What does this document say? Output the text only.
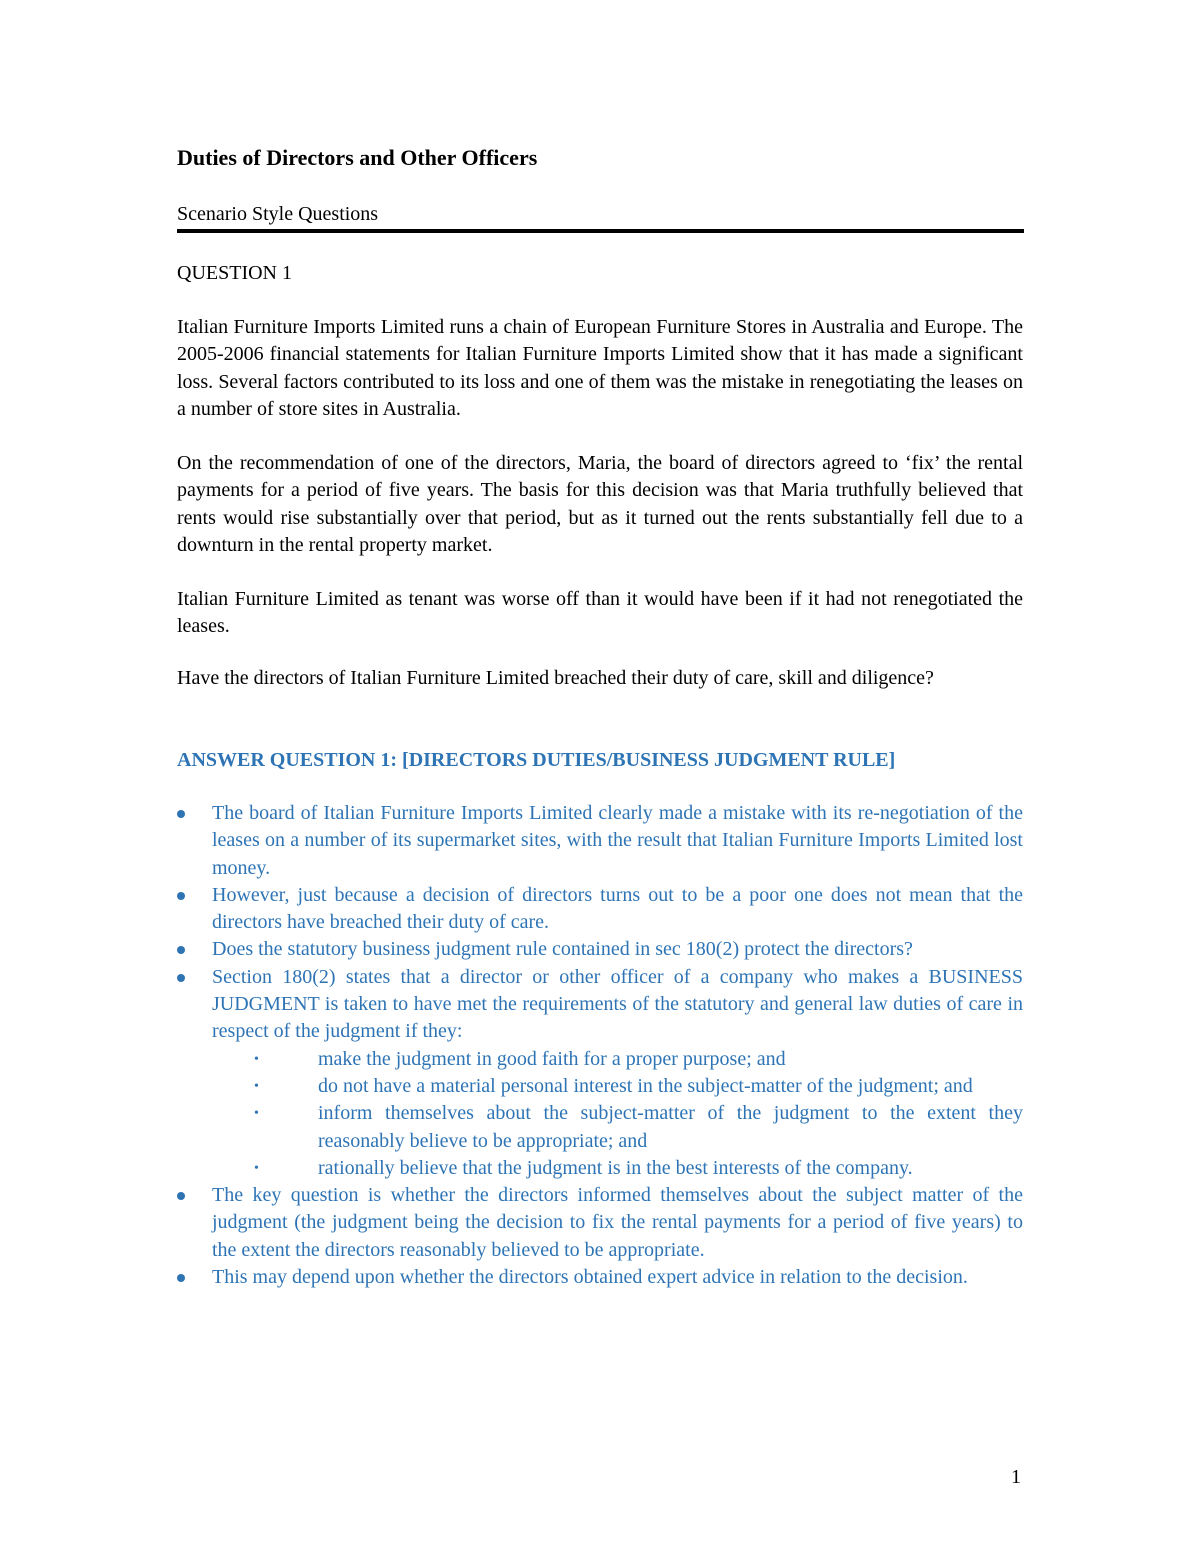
Duties of Directors and Other Officers
Scenario Style Questions

QUESTION 1

Italian Furniture Imports Limited runs a chain of European Furniture Stores in Australia and Europe. The 2005-2006 financial statements for Italian Furniture Imports Limited show that it has made a significant loss. Several factors contributed to its loss and one of them was the mistake in renegotiating the leases on a number of store sites in Australia.

On the recommendation of one of the directors, Maria, the board of directors agreed to ‘fix’ the rental payments for a period of five years. The basis for this decision was that Maria truthfully believed that rents would rise substantially over that period, but as it turned out the rents substantially fell due to a downturn in the rental property market.

Italian Furniture Limited as tenant was worse off than it would have been if it had not renegotiated the leases.

Have the directors of Italian Furniture Limited breached their duty of care, skill and diligence?

ANSWER QUESTION 1: [DIRECTORS DUTIES/BUSINESS JUDGMENT RULE]
The board of Italian Furniture Imports Limited clearly made a mistake with its re-negotiation of the leases on a number of its supermarket sites, with the result that Italian Furniture Imports Limited lost money.
However, just because a decision of directors turns out to be a poor one does not mean that the directors have breached their duty of care.
Does the statutory business judgment rule contained in sec 180(2) protect the directors?
Section 180(2) states that a director or other officer of a company who makes a BUSINESS JUDGMENT is taken to have met the requirements of the statutory and general law duties of care in respect of the judgment if they:
•	make the judgment in good faith for a proper purpose; and
•	do not have a material personal interest in the subject-matter of the judgment; and
•	inform themselves about the subject-matter of the judgment to the extent they reasonably believe to be appropriate; and
•	rationally believe that the judgment is in the best interests of the company.
The key question is whether the directors informed themselves about the subject matter of the judgment (the judgment being the decision to fix the rental payments for a period of five years) to the extent the directors reasonably believed to be appropriate.
This may depend upon whether the directors obtained expert advice in relation to the decision.
1
